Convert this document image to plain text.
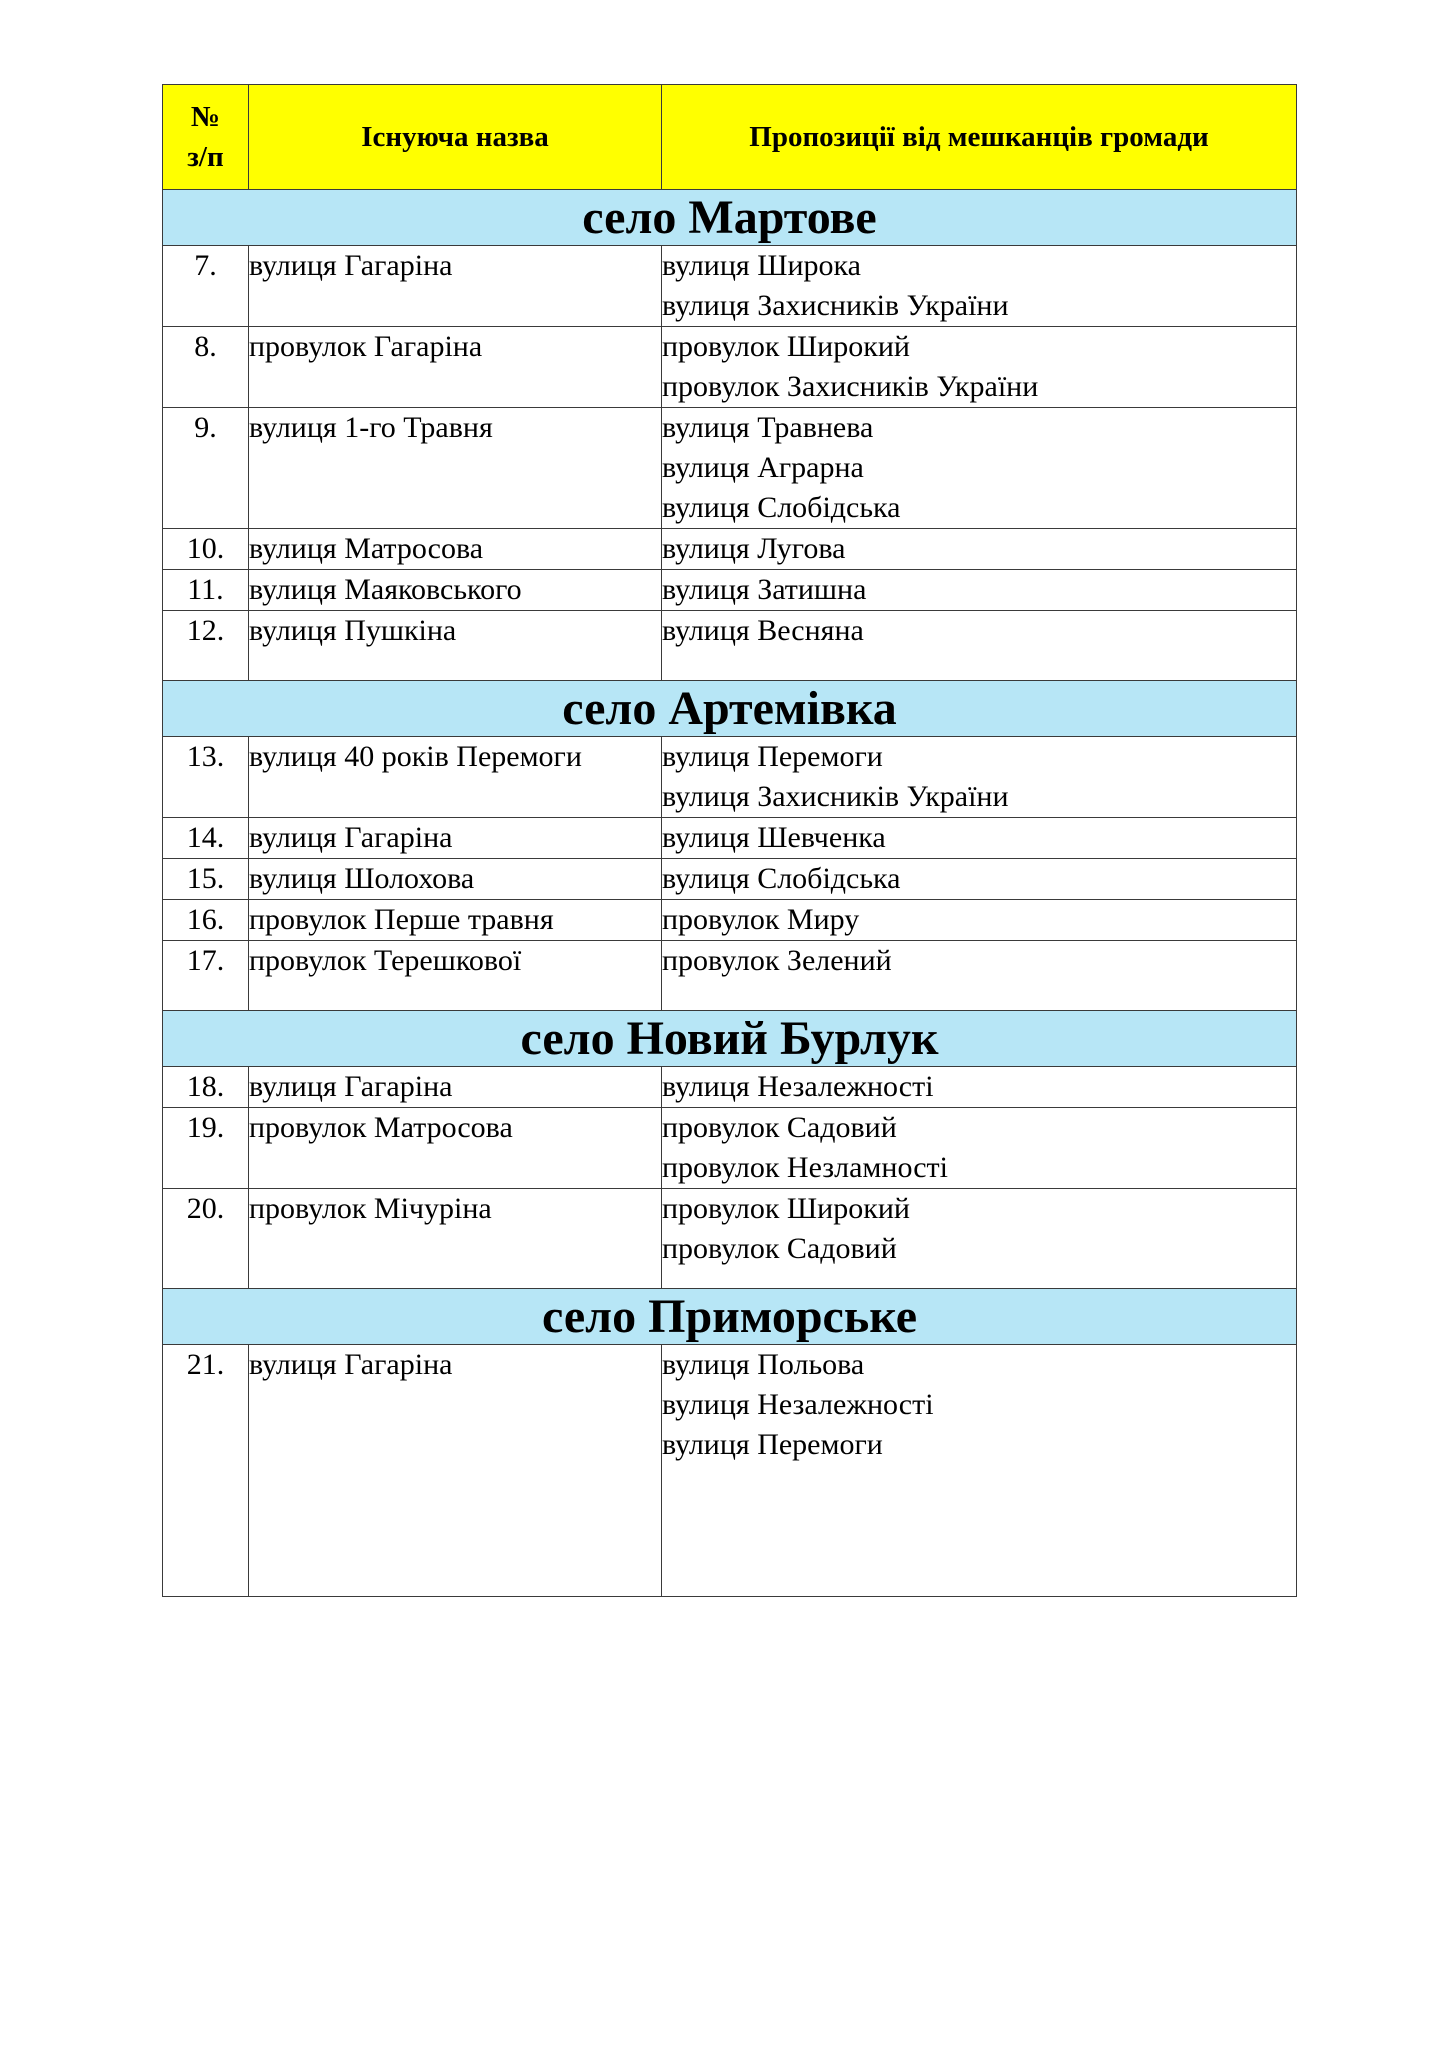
№
з/п	Існуюча назва	Пропозиції від мешканців громади
село Мартове		
7.	вулиця Гагаріна	вулиця Широка
вулиця Захисників України

8.	провулок Гагаріна	провулок Широкий
провулок Захисників України

9.	вулиця 1-го Травня	вулиця Травнева
вулиця Аграрна
вулиця Слобідська

10.	вулиця Матросова	вулиця Лугова

11.	вулиця Маяковського	вулиця Затишна

12.	вулиця Пушкіна	вулиця Весняна

село Артемівка		
13.	вулиця 40 років Перемоги	вулиця Перемоги
вулиця Захисників України

14.	вулиця Гагаріна	вулиця Шевченка

15.	вулиця Шолохова	вулиця Слобідська

16.	провулок Перше травня	провулок Миру

17.	провулок Терешкової	провулок Зелений

село Новий Бурлук		
18.	вулиця Гагаріна	вулиця Незалежності

19.	провулок Матросова	провулок Садовий
провулок Незламності

20.	провулок Мічуріна	провулок Широкий
провулок Садовий

село Приморське		
21.	вулиця Гагаріна	вулиця Польова
вулиця Незалежності
вулиця Перемоги
